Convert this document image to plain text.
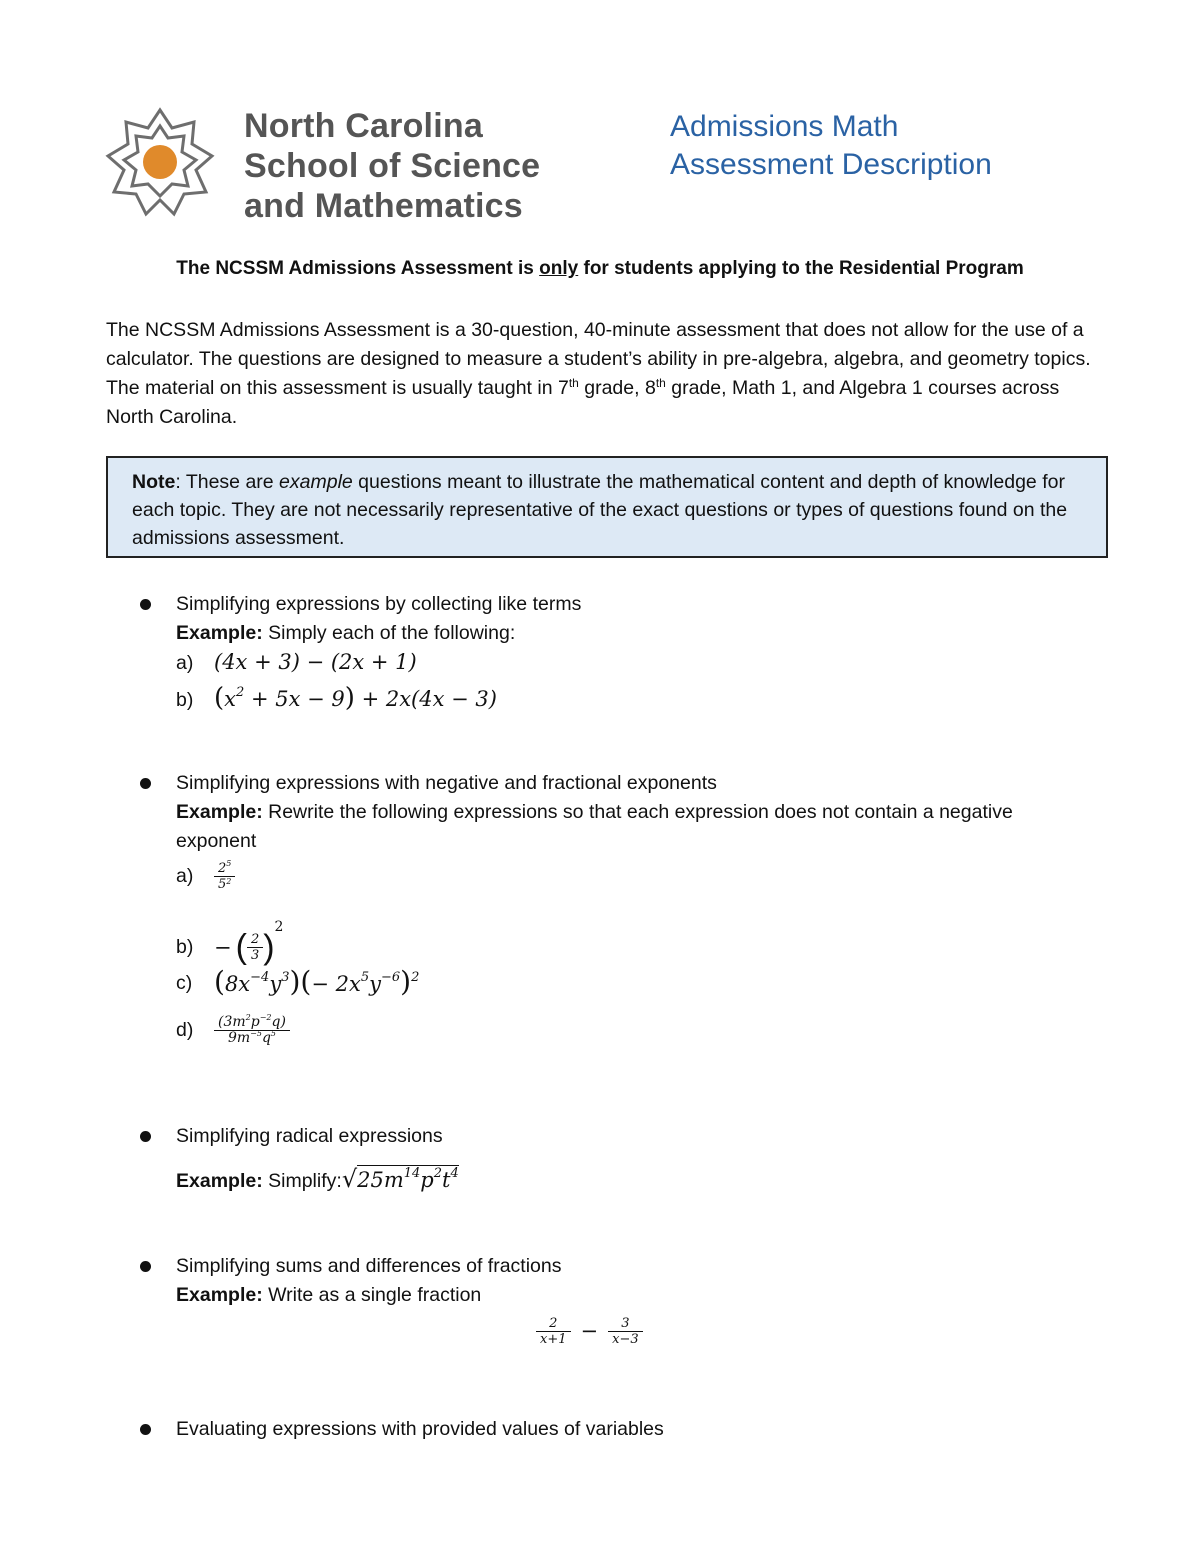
North Carolina
School of Science
and Mathematics
Admissions Math
Assessment Description
The NCSSM Admissions Assessment is only for students applying to the Residential Program
The NCSSM Admissions Assessment is a 30-question, 40-minute assessment that does not allow for the use of a calculator. The questions are designed to measure a student’s ability in pre-algebra, algebra, and geometry topics. The material on this assessment is usually taught in 7th grade, 8th grade, Math 1, and Algebra 1 courses across North Carolina.
Note: These are example questions meant to illustrate the mathematical content and depth of knowledge for each topic. They are not necessarily representative of the exact questions or types of questions found on the admissions assessment.
Simplifying expressions by collecting like terms
Example: Simply each of the following:
a) (4x + 3) − (2x + 1)
b) $(x^2 + 5x - 9) + 2x(4x - 3)$
Simplifying expressions with negative and fractional exponents
Example: Rewrite the following expressions so that each expression does not contain a negative exponent
$a) \frac{2^5}{5^2}$
b) − ( $\frac{2}{3} )^2$
c) $(8x^{-4}y^3)(- 2x^5y^{-6})^2$
$d) \frac{(3m^2p^{-2}q)}{9m^{-5}q^5}$
Simplifying radical expressions
Example: $Simplify:√25m^{14}p^2t^4$
Simplifying sums and differences of fractions
Example: Write as a single fraction
$\frac{2}{x+1} - \frac{3}{x-3}$
Evaluating expressions with provided values of variables
